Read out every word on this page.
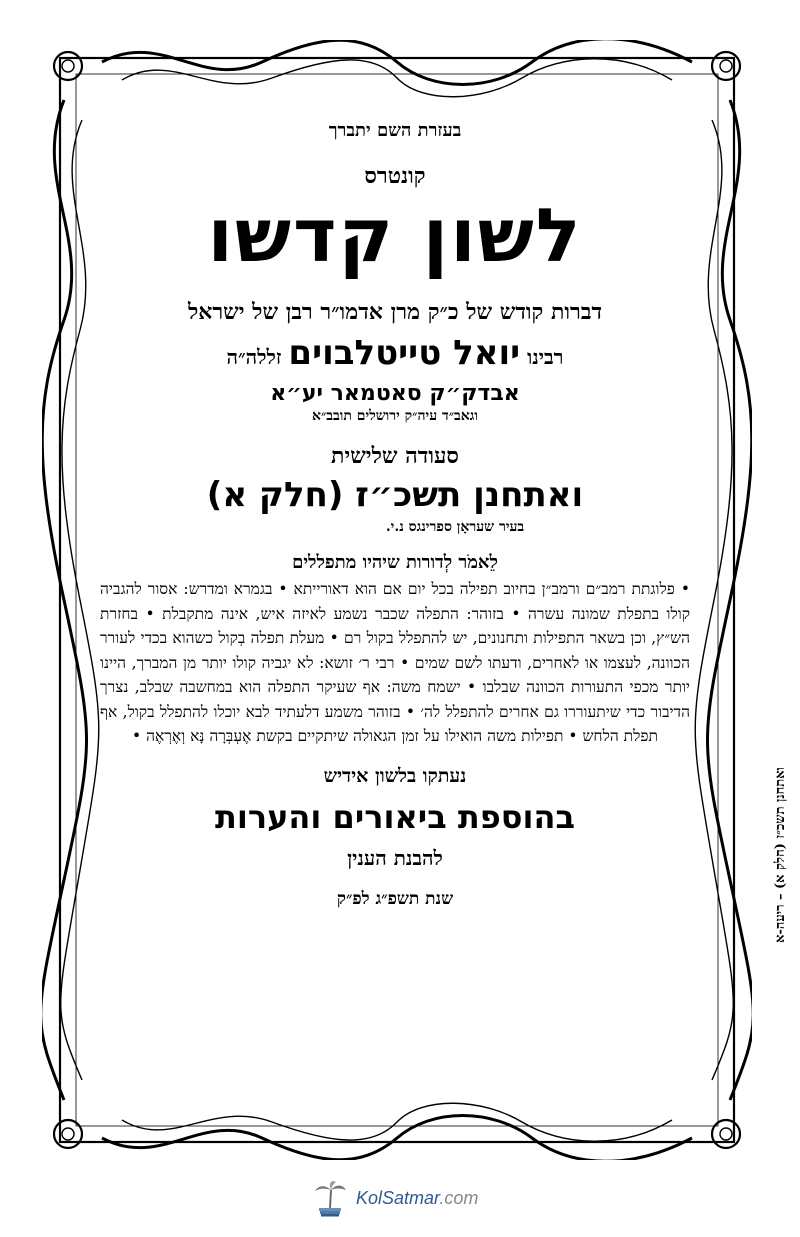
בעזרת השם יתברך
קונטרס
לשון קדשו
דברות קודש של כ״ק מרן אדמו״ר רבן של ישראל
רבינו יואל טייטלבוים זללה״ה
אבדק״ק סאטמאר יע״א
וגאב״ד עיה״ק ירושלים תובב״א
סעודה שלישית
ואתחנן תשכ״ז (חלק א)
בעיר שעראָן ספרינגס נ.י.
לֵאמֹר לְדורות שיהיו מתפללים
• פלוגתת רמב״ם ורמב״ן בחיוב תפילה בכל יום אם הוא דאורייתא • בגמרא ומדרש: אסור להגביה קולו בתפלת שמונה עשרה • בזוהר: התפלה שכבר נשמע לאיזה איש, אינה מתקבלת • בחזרת הש״ץ, וכן בשאר התפילות ותחנונים, יש להתפלל בקול רם • מעלת תפלה בְקול כשהוא בכדי לעורר הכוונה, לעצמו או לאחרים, ודעתו לשם שמים • רבי ר׳ זושא: לא יגביה קולו יותר מן המברך, היינו יותר מכפי התעורות הכוונה שבלבו • ישמח משה: אף שעיקר התפלה הוא במחשבה שבלב, נצרך הדיבור כדי שיתעוררו גם אחרים להתפלל לה׳ • בזוהר משמע דלעתיד לבא יוכלו להתפלל בקול, אף תפלת הלחש • תפילות משה הואילו על זמן הגאולה שיתקיים בקשת אֶעְבְּרָה נָּא וְאֶרְאֶה •
נעתקו בלשון אידיש
בהוספת ביאורים והערות
להבנת הענין
שנת תשפ״ג לפ״ק	ואתחנן תשכ״ז (חלק א) – ריעה-א
KolSatmar.com
